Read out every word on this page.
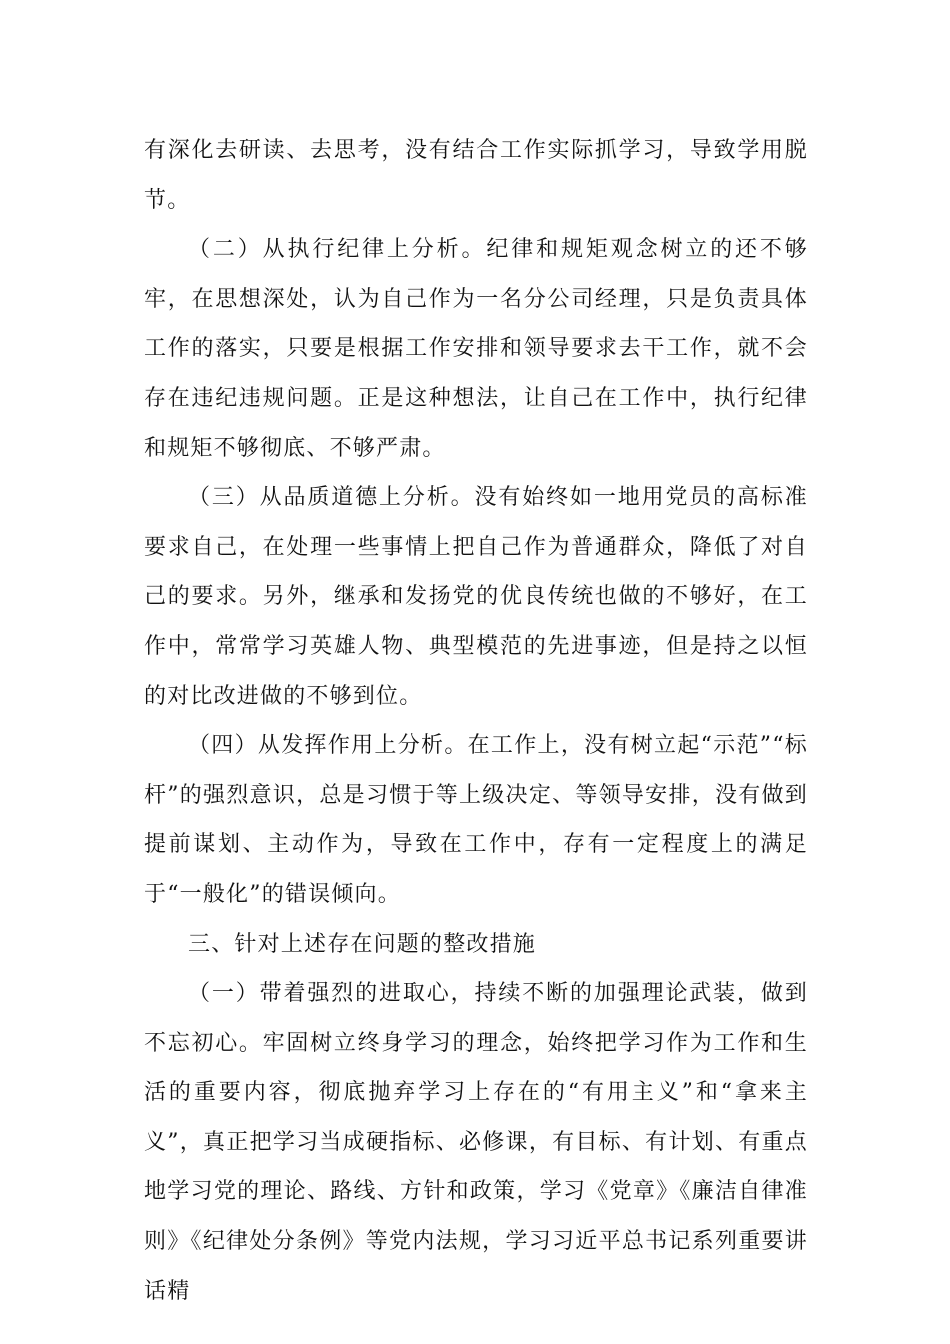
有深化去研读、去思考，没有结合工作实际抓学习，导致学用脱节。

（二）从执行纪律上分析。纪律和规矩观念树立的还不够牢，在思想深处，认为自己作为一名分公司经理，只是负责具体工作的落实，只要是根据工作安排和领导要求去干工作，就不会存在违纪违规问题。正是这种想法，让自己在工作中，执行纪律和规矩不够彻底、不够严肃。

（三）从品质道德上分析。没有始终如一地用党员的高标准要求自己，在处理一些事情上把自己作为普通群众，降低了对自己的要求。另外，继承和发扬党的优良传统也做的不够好，在工作中，常常学习英雄人物、典型模范的先进事迹，但是持之以恒的对比改进做的不够到位。

（四）从发挥作用上分析。在工作上，没有树立起“示范”“标杆”的强烈意识，总是习惯于等上级决定、等领导安排，没有做到提前谋划、主动作为，导致在工作中，存有一定程度上的满足于“一般化”的错误倾向。

三、针对上述存在问题的整改措施

（一）带着强烈的进取心，持续不断的加强理论武装，做到不忘初心。牢固树立终身学习的理念，始终把学习作为工作和生活的重要内容，彻底抛弃学习上存在的“有用主义”和“拿来主义”，真正把学习当成硬指标、必修课，有目标、有计划、有重点地学习党的理论、路线、方针和政策，学习《党章》《廉洁自律准则》《纪律处分条例》等党内法规，学习习近平总书记系列重要讲话精
